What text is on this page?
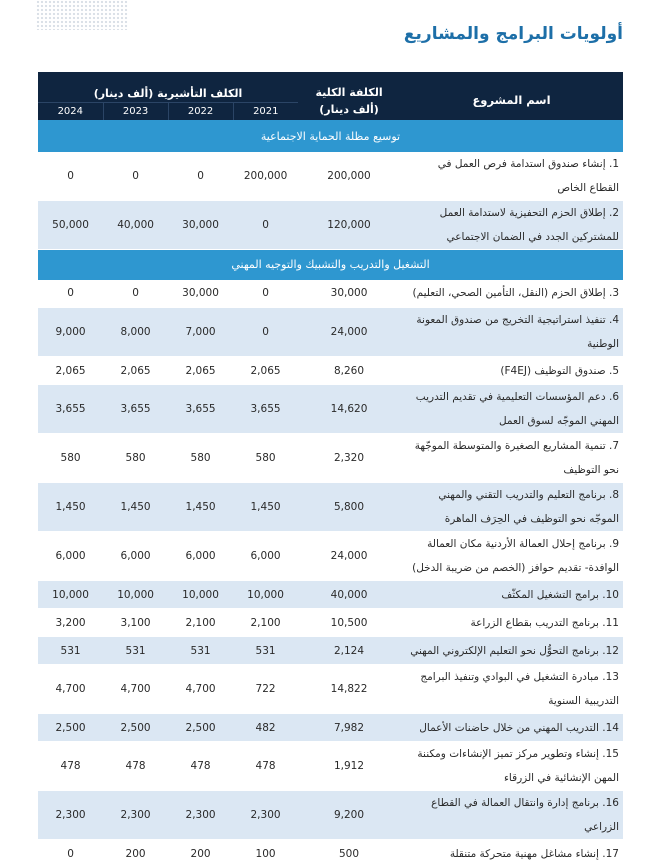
أولويات البرامج والمشاريع
اسم المشروع	الكلفة الكلية
(ألف دينار)	الكلف التأشيرية (ألف دينار)			
		2021	2022	2023	2024
توسيع مظلة الحماية الاجتماعية					
1. إنشاء صندوق استدامة فرص العمل في القطاع الخاص	200,000	200,000	0	0	0
2. إطلاق الحزم التحفيزية لاستدامة العمل للمشتركين الجدد في الضمان الاجتماعي	120,000	0	30,000	40,000	50,000
التشغيل والتدريب والتشبيك والتوجيه المهني					
3. إطلاق الحزم (النقل، التأمين الصحي، التعليم)	30,000	0	30,000	0	0
4. تنفيذ استراتيجية التخريج من صندوق المعونة الوطنية	24,000	0	7,000	8,000	9,000
5. صندوق التوظيف (F4EJ)	8,260	2,065	2,065	2,065	2,065
6. دعم المؤسسات التعليمية في تقديم التدريب المهني الموجّه لسوق العمل	14,620	3,655	3,655	3,655	3,655
7. تنمية المشاريع الصغيرة والمتوسطة الموجّهة نحو التوظيف	2,320	580	580	580	580
8. برنامج التعليم والتدريب التقني والمهني الموجّه نحو التوظيف في الحِرَف الماهرة	5,800	1,450	1,450	1,450	1,450
9. برنامج إحلال العمالة الأردنية مكان العمالة الوافدة- تقديم حوافز (الخصم من ضريبة الدخل)	24,000	6,000	6,000	6,000	6,000
10. برامج التشغيل المكثّف	40,000	10,000	10,000	10,000	10,000
11. برنامج التدريب بقطاع الزراعة	10,500	2,100	2,100	3,100	3,200
12. برنامج التحوُّل نحو التعليم الإلكتروني المهني	2,124	531	531	531	531
13. مبادرة التشغيل في البوادي وتنفيذ البرامج التدريبية السنوية	14,822	722	4,700	4,700	4,700
14. التدريب المهني من خلال حاضنات الأعمال	7,982	482	2,500	2,500	2,500
15. إنشاء وتطوير مركز تميز الإنشاءات ومكننة المهن الإنشائية في الزرقاء	1,912	478	478	478	478
16. برنامج إدارة وانتقال العمالة في القطاع الزراعي	9,200	2,300	2,300	2,300	2,300
17. إنشاء مشاغل مهنية متحركة متنقلة	500	100	200	200	0
